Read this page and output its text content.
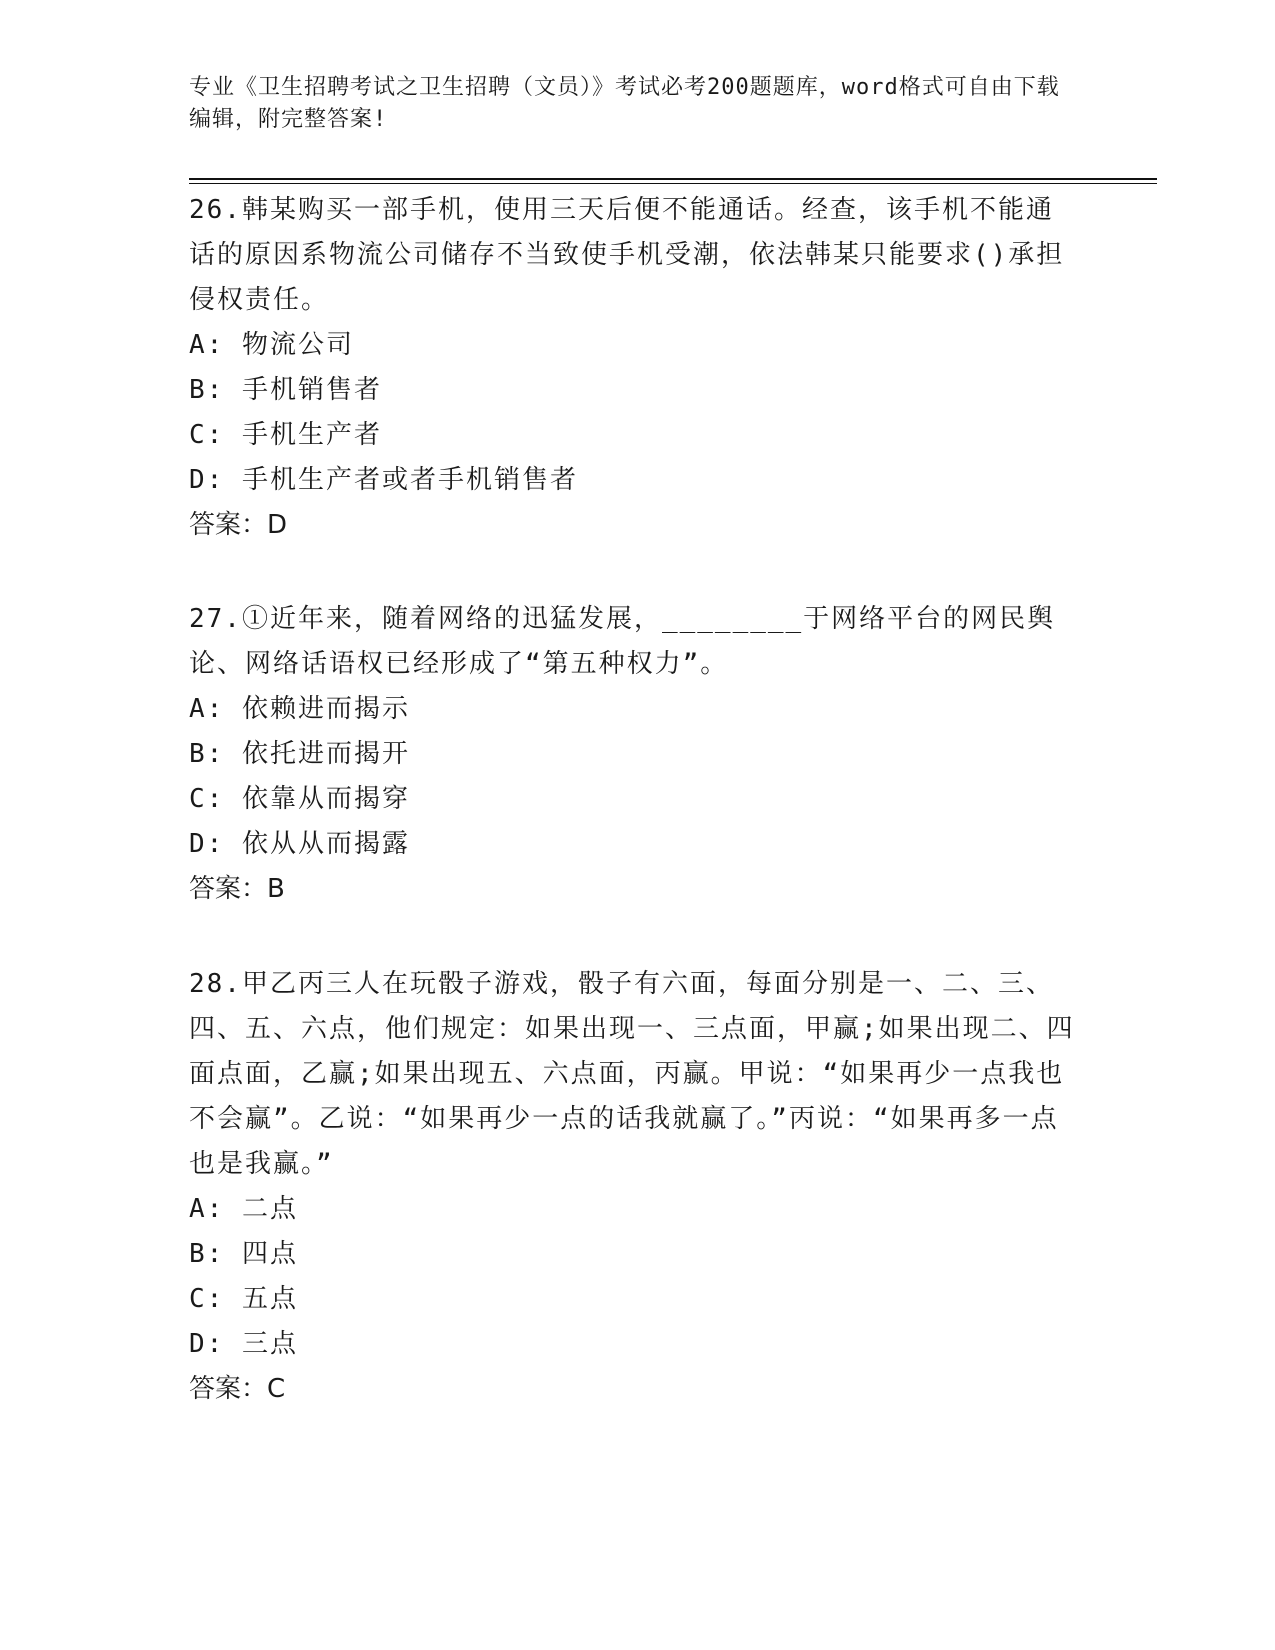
专业《卫生招聘考试之卫生招聘（文员）》考试必考200题题库，word格式可自由下载编辑，附完整答案!

26.韩某购买一部手机，使用三天后便不能通话。经查，该手机不能通话的原因系物流公司储存不当致使手机受潮，依法韩某只能要求()承担侵权责任。

A: 物流公司
B: 手机销售者
C: 手机生产者
D: 手机生产者或者手机销售者

答案：D

27.①近年来，随着网络的迅猛发展，________于网络平台的网民舆论、网络话语权已经形成了“第五种权力”。

A: 依赖进而揭示
B: 依托进而揭开
C: 依靠从而揭穿
D: 依从从而揭露

答案：B

28.甲乙丙三人在玩骰子游戏，骰子有六面，每面分别是一、二、三、四、五、六点，他们规定：如果出现一、三点面，甲赢;如果出现二、四面点面，乙赢;如果出现五、六点面，丙赢。甲说：“如果再少一点我也不会赢”。乙说：“如果再少一点的话我就赢了。”丙说：“如果再多一点也是我赢。”

A: 二点
B: 四点
C: 五点
D: 三点

答案：C
